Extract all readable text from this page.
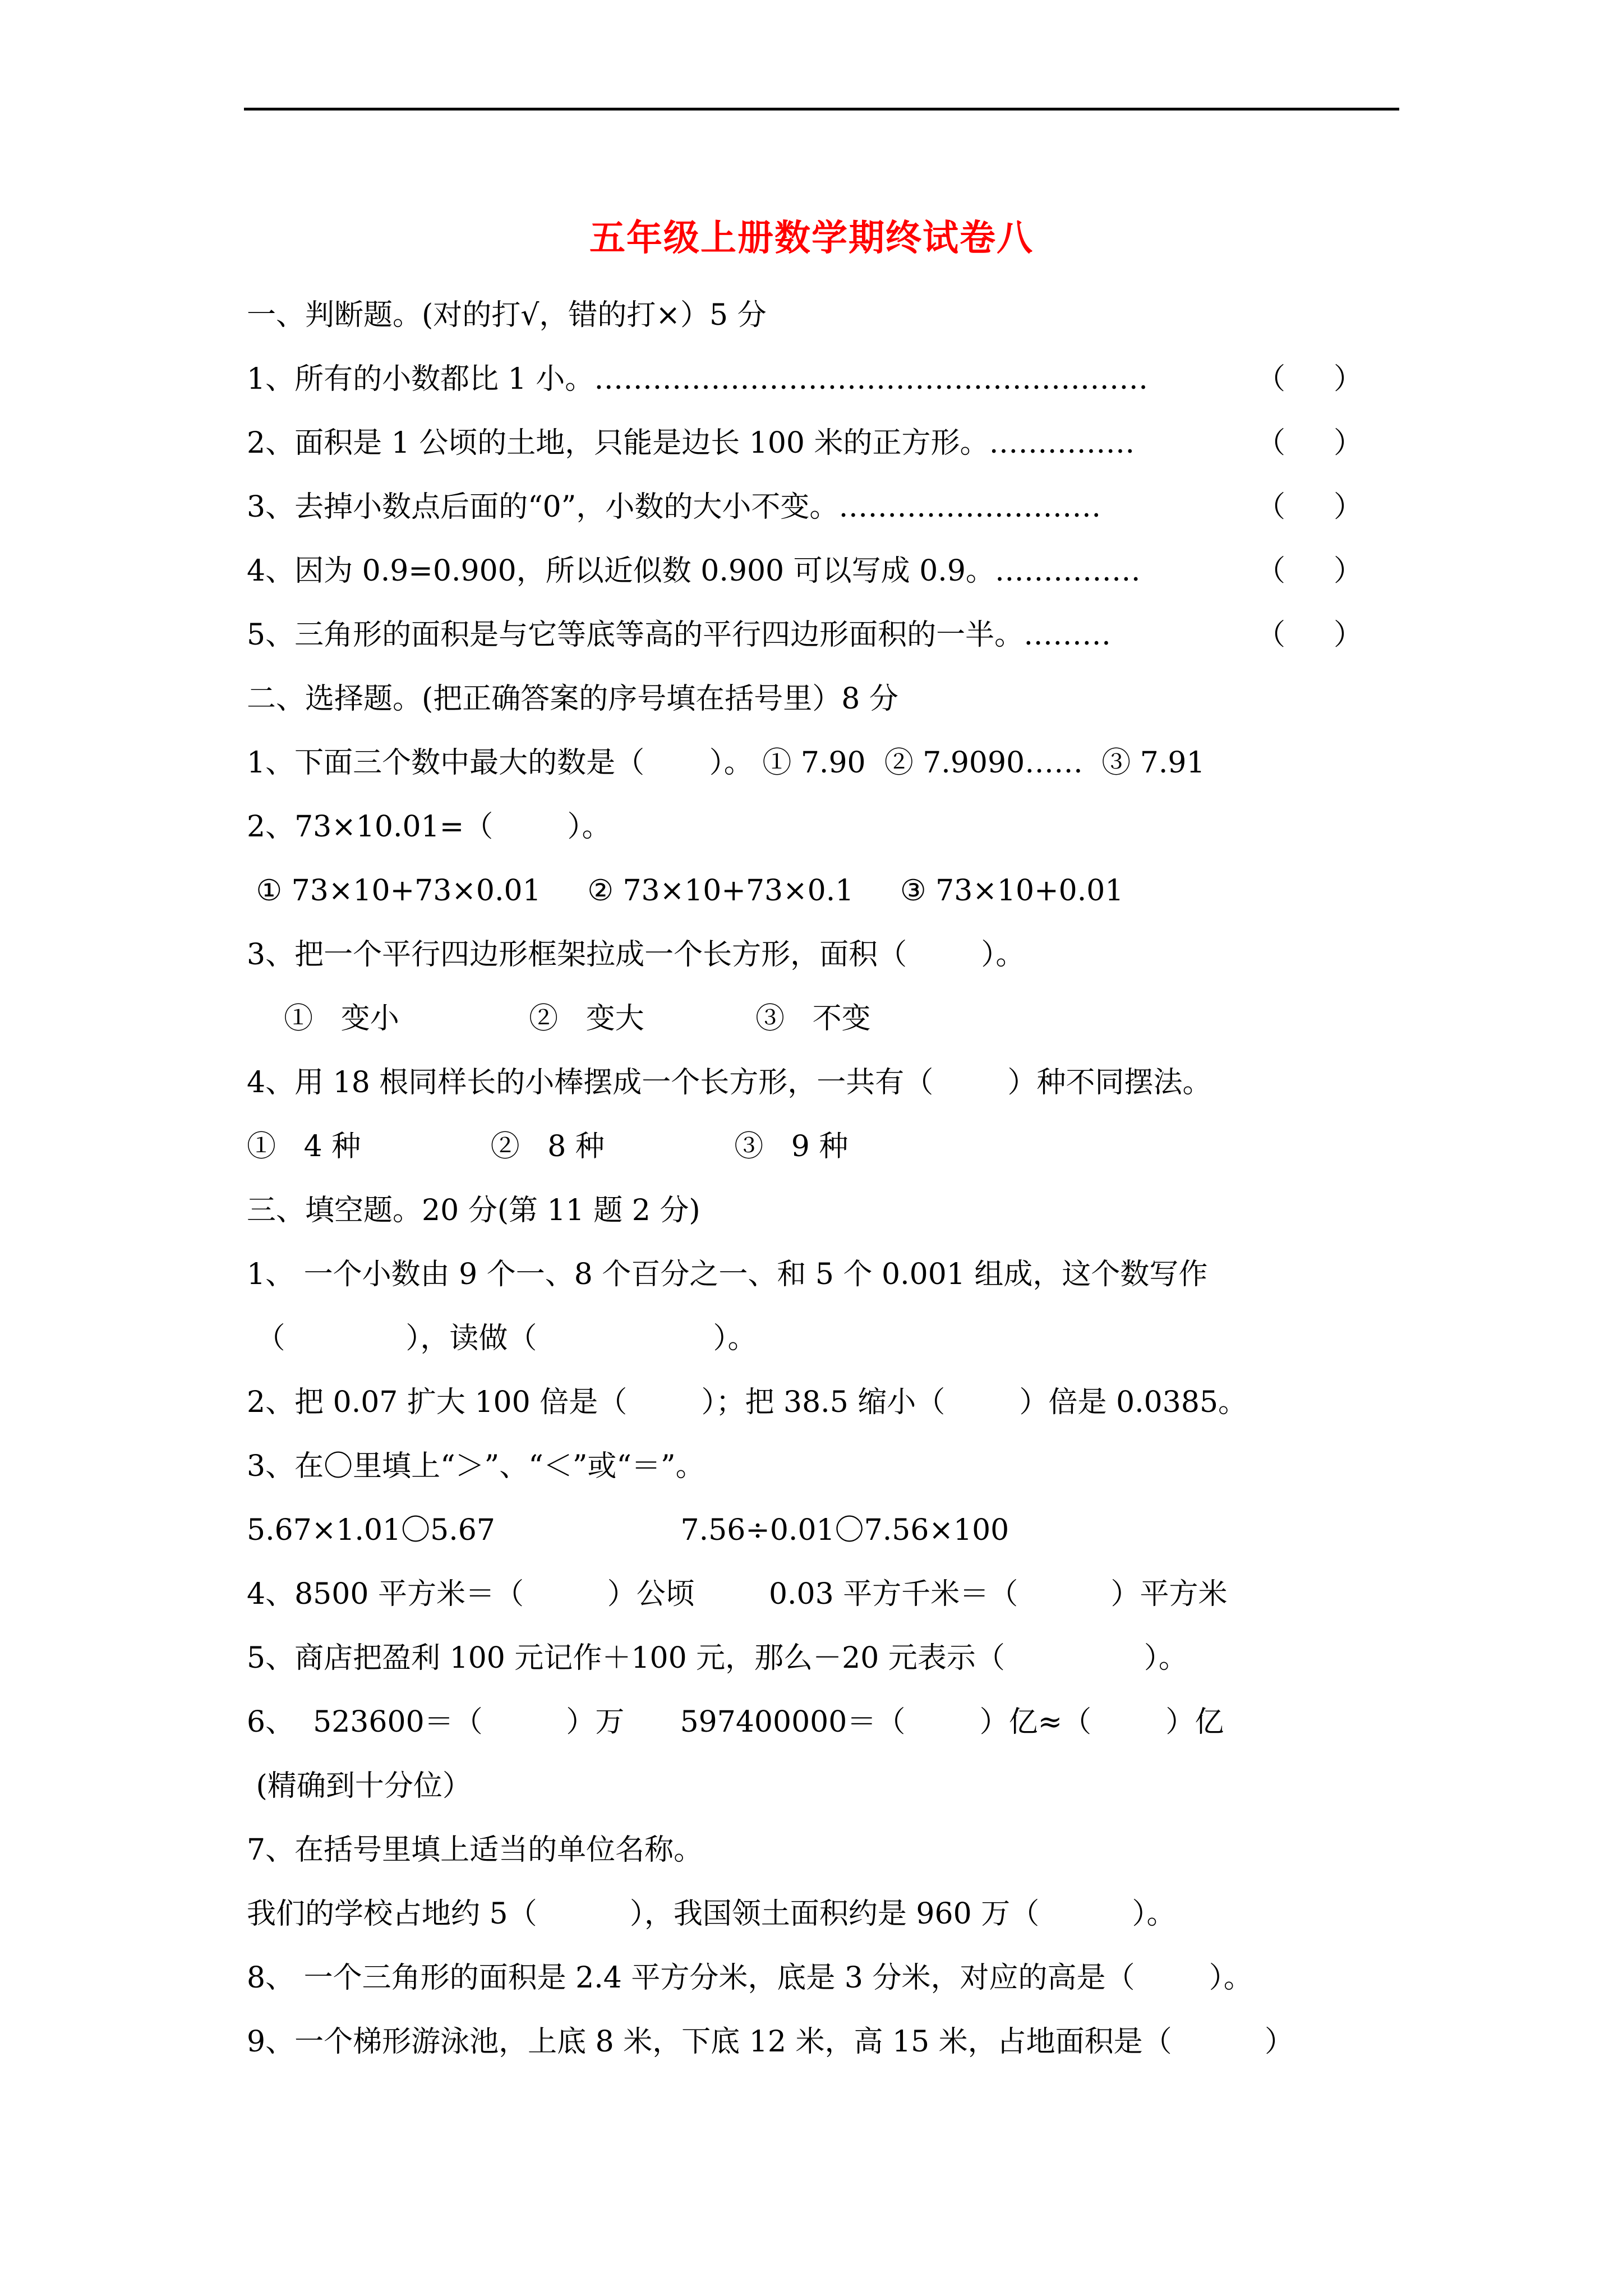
五年级上册数学期终试卷八
一、判断题。(对的打√，错的打×）5 分
1、所有的小数都比 1 小。…………………………………………………	（ ）
2、面积是 1 公顷的土地，只能是边长 100 米的正方形。……………	（ ）
3、去掉小数点后面的“0”，小数的大小不变。………………………	（ ）
4、因为 0.9=0.900，所以近似数 0.900 可以写成 0.9。……………	（ ）
5、三角形的面积是与它等底等高的平行四边形面积的一半。………	（ ）
二、选择题。(把正确答案的序号填在括号里）8 分
1、下面三个数中最大的数是（       ）。 ① 7.90  ② 7.9090……  ③ 7.91
2、73×10.01=（        ）。
① 73×10+73×0.01     ② 73×10+73×0.1     ③ 73×10+0.01
3、把一个平行四边形框架拉成一个长方形，面积（        ）。
①   变小              ②   变大            ③   不变
4、用 18 根同样长的小棒摆成一个长方形，一共有（        ）种不同摆法。
①   4 种              ②   8 种              ③   9 种
三、填空题。20 分(第 11 题 2 分)
1、 一个小数由 9 个一、8 个百分之一、和 5 个 0.001 组成，这个数写作
（             ），读做（                   ）。
2、把 0.07 扩大 100 倍是（        ）；把 38.5 缩小（        ）倍是 0.0385。
3、在〇里填上“＞”、“＜”或“＝”。
5.67×1.01〇5.67                    7.56÷0.01〇7.56×100
4、8500 平方米＝（         ）公顷        0.03 平方千米＝（          ）平方米
5、商店把盈利 100 元记作＋100 元，那么－20 元表示（               ）。
6、  523600＝（         ）万      597400000＝（        ）亿≈（        ）亿
(精确到十分位）
7、在括号里填上适当的单位名称。
我们的学校占地约 5（          ），我国领土面积约是 960 万（          ）。
8、 一个三角形的面积是 2.4 平方分米，底是 3 分米，对应的高是（        ）。
9、一个梯形游泳池，上底 8 米，下底 12 米，高 15 米，占地面积是（          ）
